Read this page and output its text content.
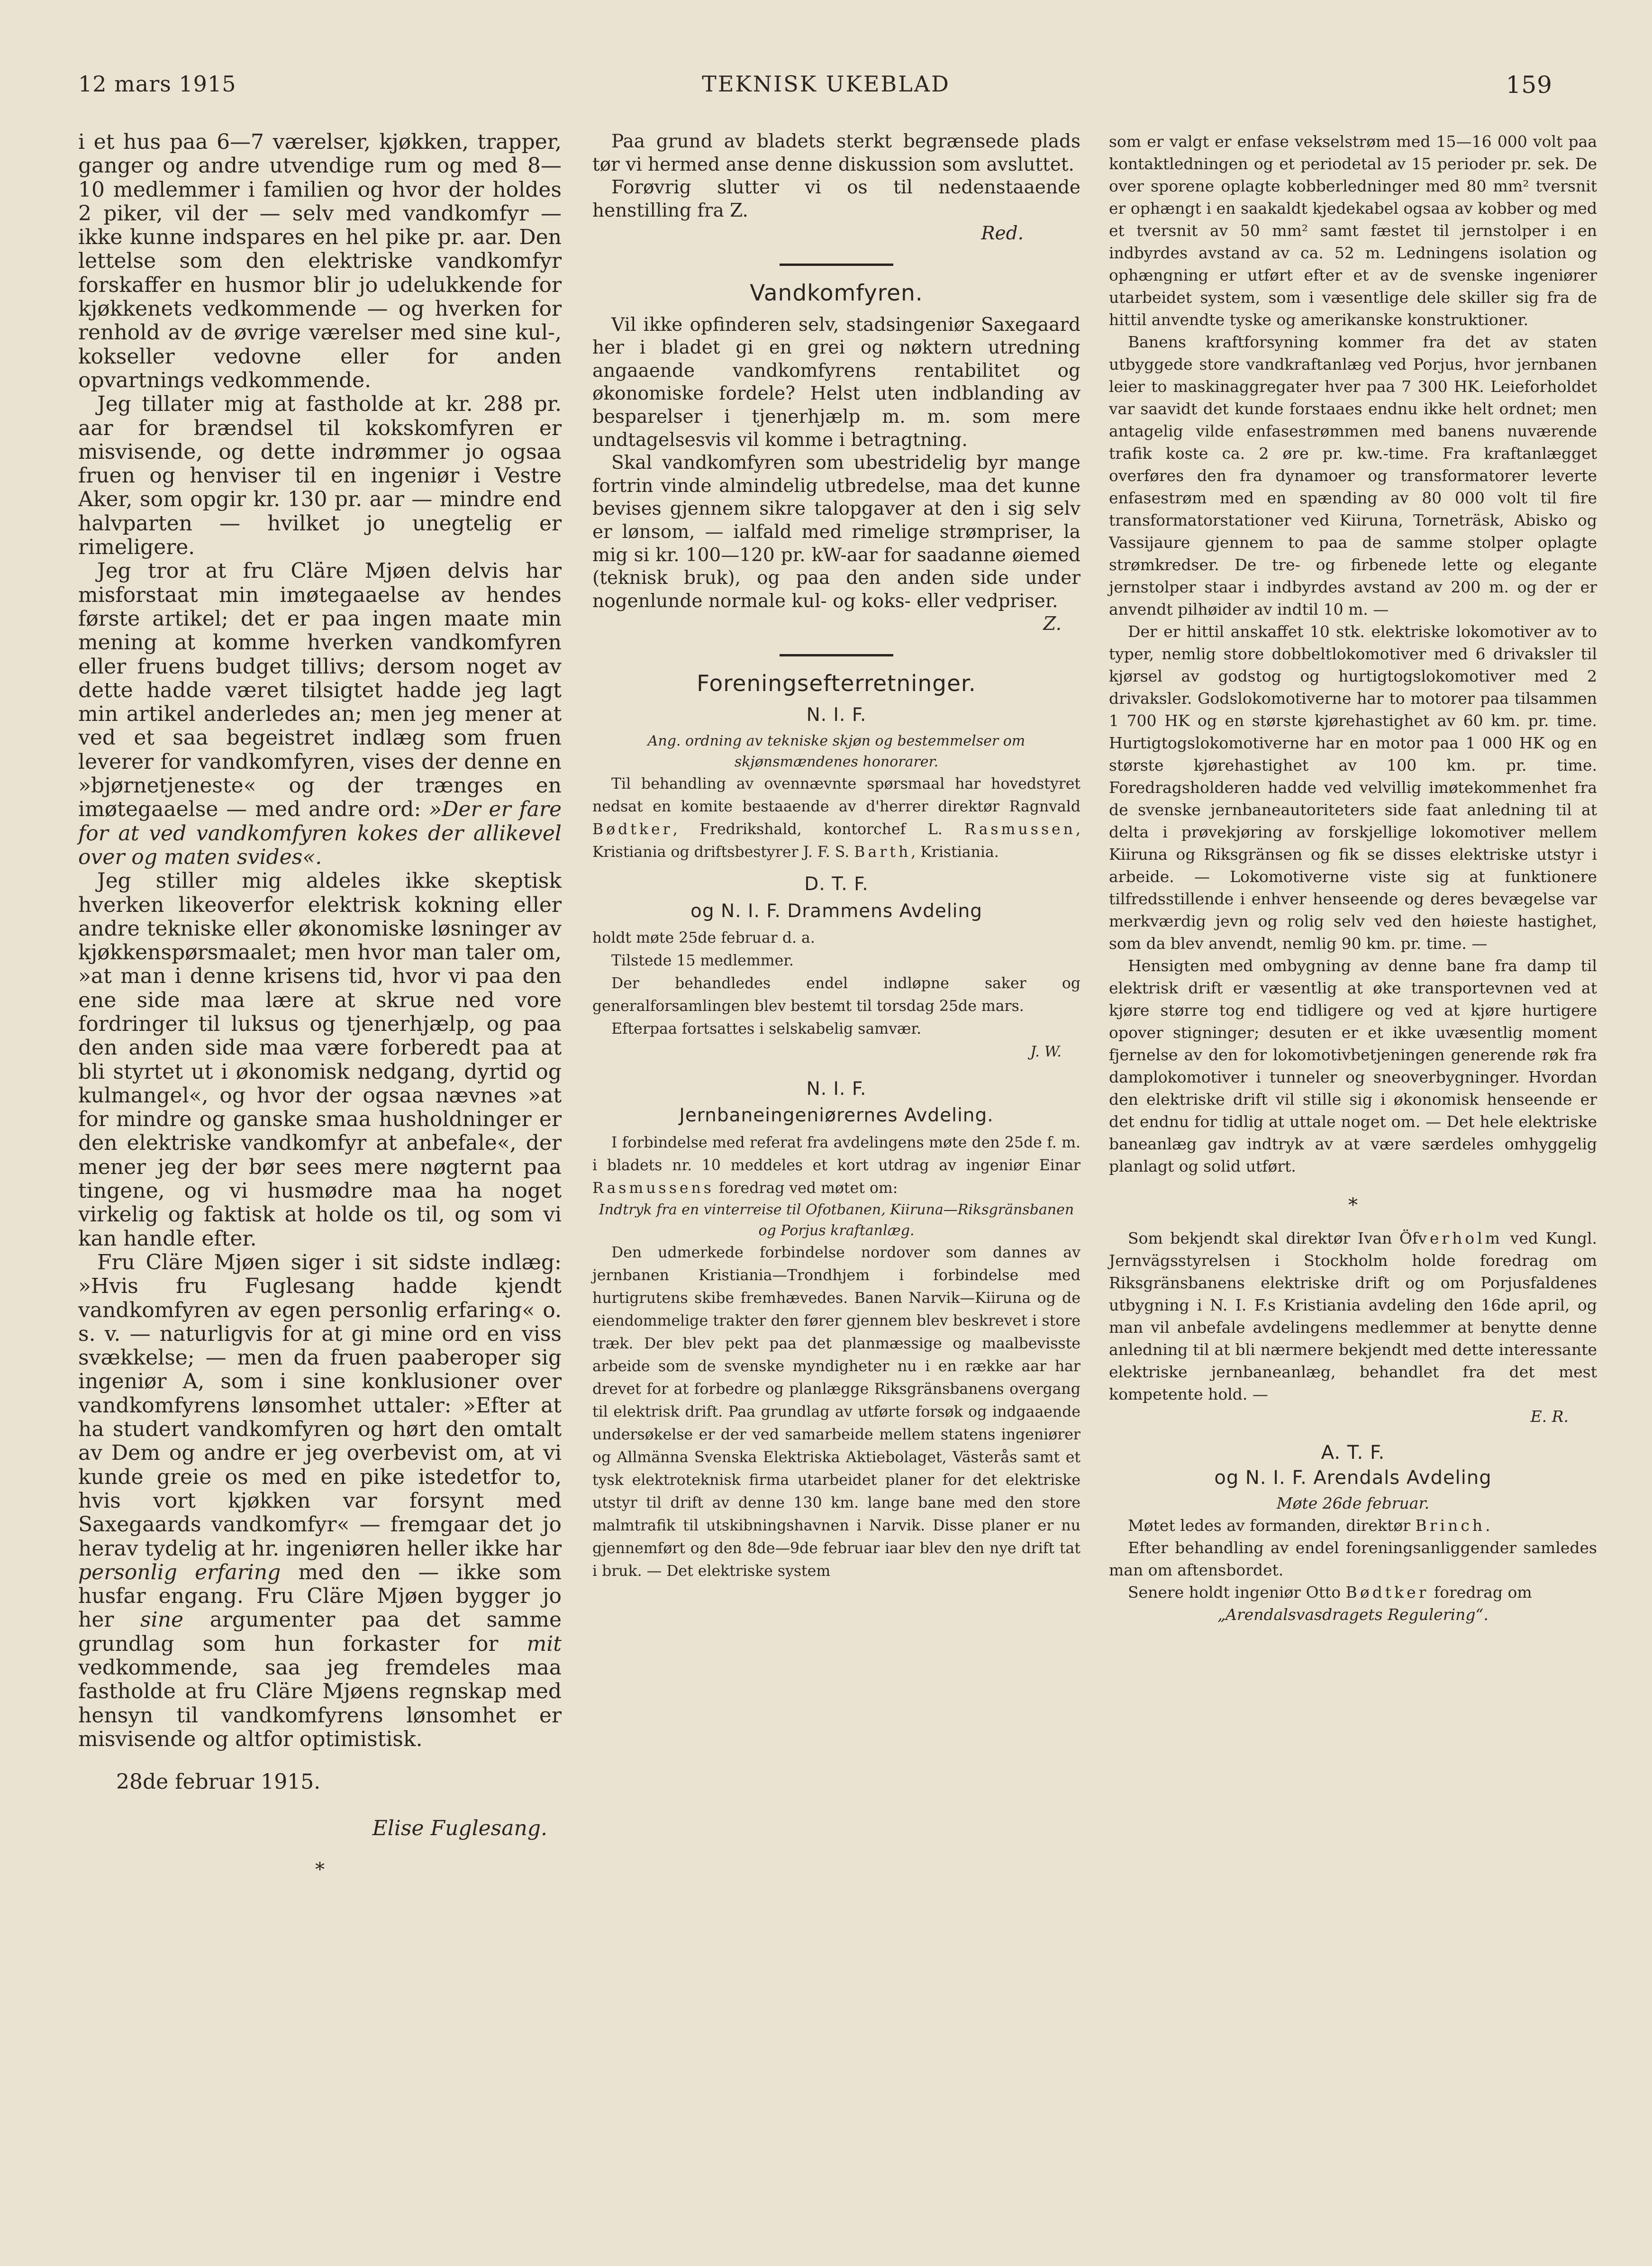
12 mars 1915	TEKNISK UKEBLAD	159

i et hus paa 6—7 værelser, kjøkken, trapper, ganger og andre utvendige rum og med 8—10 medlemmer i familien og hvor der holdes 2 piker, vil der — selv med vandkomfyr — ikke kunne indspares en hel pike pr. aar. Den lettelse som den elektriske vandkomfyr forskaffer en husmor blir jo udelukkende for kjøkkenets vedkommende — og hverken for renhold av de øvrige værelser med sine kul-, kokseller vedovne eller for anden opvartnings vedkommende.

Jeg tillater mig at fastholde at kr. 288 pr. aar for brændsel til kokskomfyren er misvisende, og dette indrømmer jo ogsaa fruen og henviser til en ingeniør i Vestre Aker, som opgir kr. 130 pr. aar — mindre end halvparten — hvilket jo unegtelig er rimeligere.

Jeg tror at fru Cläre Mjøen delvis har misforstaat min imøtegaaelse av hendes første artikel; det er paa ingen maate min mening at komme hverken vandkomfyren eller fruens budget tillivs; dersom noget av dette hadde været tilsigtet hadde jeg lagt min artikel anderledes an; men jeg mener at ved et saa begeistret indlæg som fruen leverer for vandkomfyren, vises der denne en »bjørnetjeneste« og der trænges en imøtegaaelse — med andre ord: »Der er fare for at ved vandkomfyren kokes der allikevel over og maten svides«.

Jeg stiller mig aldeles ikke skeptisk hverken likeoverfor elektrisk kokning eller andre tekniske eller økonomiske løsninger av kjøkkenspørsmaalet; men hvor man taler om, »at man i denne krisens tid, hvor vi paa den ene side maa lære at skrue ned vore fordringer til luksus og tjenerhjælp, og paa den anden side maa være forberedt paa at bli styrtet ut i økonomisk nedgang, dyrtid og kulmangel«, og hvor der ogsaa nævnes »at for mindre og ganske smaa husholdninger er den elektriske vandkomfyr at anbefale«, der mener jeg der bør sees mere nøgternt paa tingene, og vi husmødre maa ha noget virkelig og faktisk at holde os til, og som vi kan handle efter.

Fru Cläre Mjøen siger i sit sidste indlæg: »Hvis fru Fuglesang hadde kjendt vandkomfyren av egen personlig erfaring« o. s. v. — naturligvis for at gi mine ord en viss svækkelse; — men da fruen paaberoper sig ingeniør A, som i sine konklusioner over vandkomfyrens lønsomhet uttaler: »Efter at ha studert vandkomfyren og hørt den omtalt av Dem og andre er jeg overbevist om, at vi kunde greie os med en pike istedetfor to, hvis vort kjøkken var forsynt med Saxegaards vandkomfyr« — fremgaar det jo herav tydelig at hr. ingeniøren heller ikke har personlig erfaring med den — ikke som husfar engang. Fru Cläre Mjøen bygger jo her sine argumenter paa det samme grundlag som hun forkaster for mit vedkommende, saa jeg fremdeles maa fastholde at fru Cläre Mjøens regnskap med hensyn til vandkomfyrens lønsomhet er misvisende og altfor optimistisk.

28de februar 1915.

Elise Fuglesang.

*

Paa grund av bladets sterkt begrænsede plads tør vi hermed anse denne diskussion som avsluttet.

Forøvrig slutter vi os til nedenstaaende henstilling fra Z.

Red.

Vandkomfyren.

Vil ikke opfinderen selv, stadsingeniør Saxegaard her i bladet gi en grei og nøktern utredning angaaende vandkomfyrens rentabilitet og økonomiske fordele? Helst uten indblanding av besparelser i tjenerhjælp m. m. som mere undtagelsesvis vil komme i betragtning.

Skal vandkomfyren som ubestridelig byr mange fortrin vinde almindelig utbredelse, maa det kunne bevises gjennem sikre talopgaver at den i sig selv er lønsom, — ialfald med rimelige strømpriser, la mig si kr. 100—120 pr. kW-aar for saadanne øiemed (teknisk bruk), og paa den anden side under nogenlunde normale kul- og koks- eller vedpriser.

Z.

Foreningsefterretninger.
N. I. F.

Ang. ordning av tekniske skjøn og bestemmelser om skjønsmændenes honorarer.

Til behandling av ovennævnte spørsmaal har hovedstyret nedsat en komite bestaaende av d'herrer direktør Ragnvald Bødtker, Fredrikshald, kontorchef L. Rasmussen, Kristiania og driftsbestyrer J. F. S. Barth, Kristiania.

D. T. F.
og N. I. F. Drammens Avdeling

holdt møte 25de februar d. a.

Tilstede 15 medlemmer.

Der behandledes endel indløpne saker og generalforsamlingen blev bestemt til torsdag 25de mars.

Efterpaa fortsattes i selskabelig samvær.

J. W.

N. I. F.
Jernbaneingeniørernes Avdeling.

I forbindelse med referat fra avdelingens møte den 25de f. m. i bladets nr. 10 meddeles et kort utdrag av ingeniør Einar Rasmussens foredrag ved møtet om:

Indtryk fra en vinterreise til Ofotbanen, Kiiruna—Riksgränsbanen og Porjus kraftanlæg.

Den udmerkede forbindelse nordover som dannes av jernbanen Kristiania—Trondhjem i forbindelse med hurtigrutens skibe fremhævedes. Banen Narvik—Kiiruna og de eiendommelige trakter den fører gjennem blev beskrevet i store træk. Der blev pekt paa det planmæssige og maalbevisste arbeide som de svenske myndigheter nu i en række aar har drevet for at forbedre og planlægge Riksgränsbanens overgang til elektrisk drift. Paa grundlag av utførte forsøk og indgaaende undersøkelse er der ved samarbeide mellem statens ingeniører og Allmänna Svenska Elektriska Aktiebolaget, Västerås samt et tysk elektroteknisk firma utarbeidet planer for det elektriske utstyr til drift av denne 130 km. lange bane med den store malmtrafik til utskibningshavnen i Narvik. Disse planer er nu gjennemført og den 8de—9de februar iaar blev den nye drift tat i bruk. — Det elektriske system

som er valgt er enfase vekselstrøm med 15—16 000 volt paa kontaktledningen og et periodetal av 15 perioder pr. sek. De over sporene oplagte kobberledninger med 80 mm² tversnit er ophængt i en saakaldt kjedekabel ogsaa av kobber og med et tversnit av 50 mm² samt fæstet til jernstolper i en indbyrdes avstand av ca. 52 m. Ledningens isolation og ophængning er utført efter et av de svenske ingeniører utarbeidet system, som i væsentlige dele skiller sig fra de hittil anvendte tyske og amerikanske konstruktioner.

Banens kraftforsyning kommer fra det av staten utbyggede store vandkraftanlæg ved Porjus, hvor jernbanen leier to maskinaggregater hver paa 7 300 HK. Leieforholdet var saavidt det kunde forstaaes endnu ikke helt ordnet; men antagelig vilde enfasestrømmen med banens nuværende trafik koste ca. 2 øre pr. kw.-time. Fra kraftanlægget overføres den fra dynamoer og transformatorer leverte enfasestrøm med en spænding av 80 000 volt til fire transformatorstationer ved Kiiruna, Torneträsk, Abisko og Vassijaure gjennem to paa de samme stolper oplagte strømkredser. De tre- og firbenede lette og elegante jernstolper staar i indbyrdes avstand av 200 m. og der er anvendt pilhøider av indtil 10 m. —

Der er hittil anskaffet 10 stk. elektriske lokomotiver av to typer, nemlig store dobbeltlokomotiver med 6 drivaksler til kjørsel av godstog og hurtigtogslokomotiver med 2 drivaksler. Godslokomotiverne har to motorer paa tilsammen 1 700 HK og en største kjørehastighet av 60 km. pr. time. Hurtigtogslokomotiverne har en motor paa 1 000 HK og en største kjørehastighet av 100 km. pr. time. Foredragsholderen hadde ved velvillig imøtekommenhet fra de svenske jernbaneautoriteters side faat anledning til at delta i prøvekjøring av forskjellige lokomotiver mellem Kiiruna og Riksgränsen og fik se disses elektriske utstyr i arbeide. — Lokomotiverne viste sig at funktionere tilfredsstillende i enhver henseende og deres bevægelse var merkværdig jevn og rolig selv ved den høieste hastighet, som da blev anvendt, nemlig 90 km. pr. time. —

Hensigten med ombygning av denne bane fra damp til elektrisk drift er væsentlig at øke transportevnen ved at kjøre større tog end tidligere og ved at kjøre hurtigere opover stigninger; desuten er et ikke uvæsentlig moment fjernelse av den for lokomotivbetjeningen generende røk fra damplokomotiver i tunneler og sneoverbygninger. Hvordan den elektriske drift vil stille sig i økonomisk henseende er det endnu for tidlig at uttale noget om. — Det hele elektriske baneanlæg gav indtryk av at være særdeles omhyggelig planlagt og solid utført.

*

Som bekjendt skal direktør Ivan Öfverholm ved Kungl. Jernvägsstyrelsen i Stockholm holde foredrag om Riksgränsbanens elektriske drift og om Porjusfaldenes utbygning i N. I. F.s Kristiania avdeling den 16de april, og man vil anbefale avdelingens medlemmer at benytte denne anledning til at bli nærmere bekjendt med dette interessante elektriske jernbaneanlæg, behandlet fra det mest kompetente hold. —

E. R.

A. T. F.
og N. I. F. Arendals Avdeling

Møte 26de februar.

Møtet ledes av formanden, direktør Brinch.

Efter behandling av endel foreningsanliggender samledes man om aftensbordet.

Senere holdt ingeniør Otto Bødtker foredrag om

„Arendalsvasdragets Regulering“.
